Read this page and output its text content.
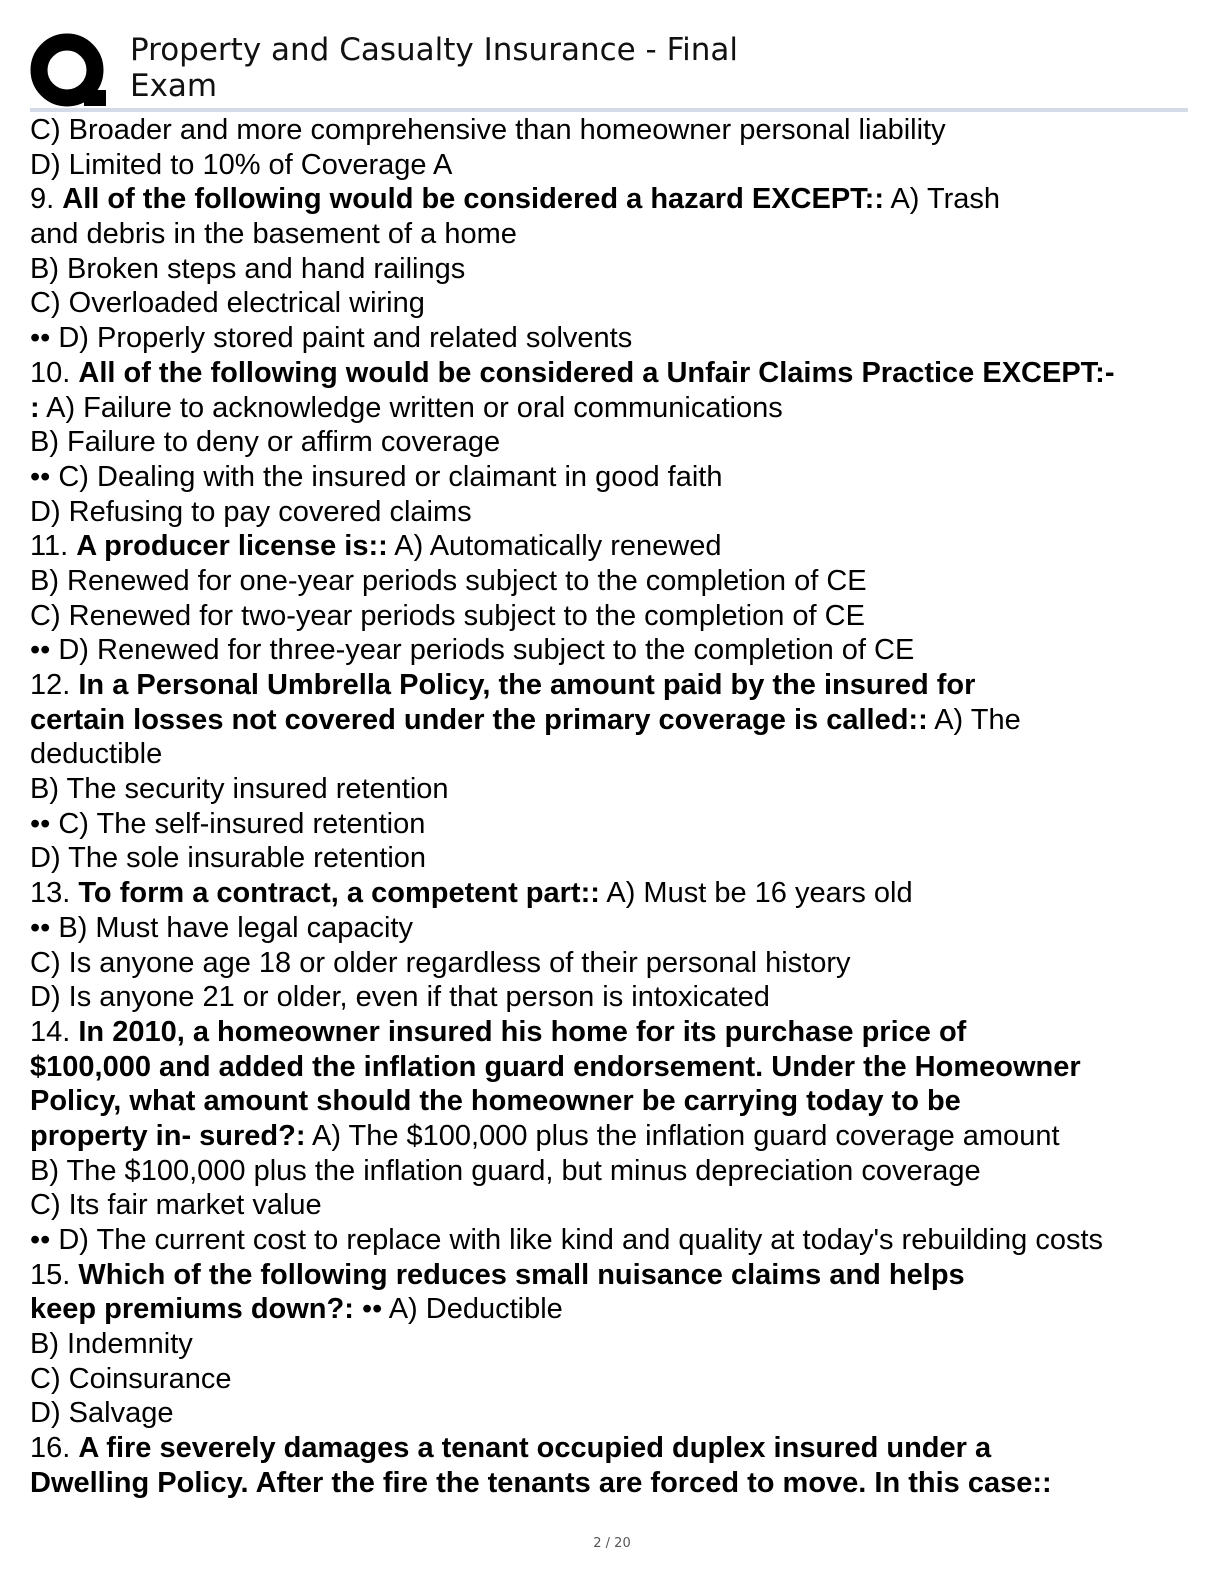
Property and Casualty Insurance - Final
Exam
C) Broader and more comprehensive than homeowner personal liability
D) Limited to 10% of Coverage A
9. All of the following would be considered a hazard EXCEPT:: A) Trash
and debris in the basement of a home
B) Broken steps and hand railings
C) Overloaded electrical wiring
•• D) Properly stored paint and related solvents
10. All of the following would be considered a Unfair Claims Practice EXCEPT:-
: A) Failure to acknowledge written or oral communications
B) Failure to deny or affirm coverage
•• C) Dealing with the insured or claimant in good faith
D) Refusing to pay covered claims
11. A producer license is:: A) Automatically renewed
B) Renewed for one-year periods subject to the completion of CE
C) Renewed for two-year periods subject to the completion of CE
•• D) Renewed for three-year periods subject to the completion of CE
12. In a Personal Umbrella Policy, the amount paid by the insured for
certain losses not covered under the primary coverage is called:: A) The
deductible
B) The security insured retention
•• C) The self-insured retention
D) The sole insurable retention
13. To form a contract, a competent part:: A) Must be 16 years old
•• B) Must have legal capacity
C) Is anyone age 18 or older regardless of their personal history
D) Is anyone 21 or older, even if that person is intoxicated
14. In 2010, a homeowner insured his home for its purchase price of
$100,000 and added the inflation guard endorsement. Under the Homeowner
Policy, what amount should the homeowner be carrying today to be
property in- sured?: A) The $100,000 plus the inflation guard coverage amount
B) The $100,000 plus the inflation guard, but minus depreciation coverage
C) Its fair market value
•• D) The current cost to replace with like kind and quality at today's rebuilding costs
15. Which of the following reduces small nuisance claims and helps
keep premiums down?: •• A) Deductible
B) Indemnity
C) Coinsurance
D) Salvage
16. A fire severely damages a tenant occupied duplex insured under a
Dwelling Policy. After the fire the tenants are forced to move. In this case::
2 / 20
